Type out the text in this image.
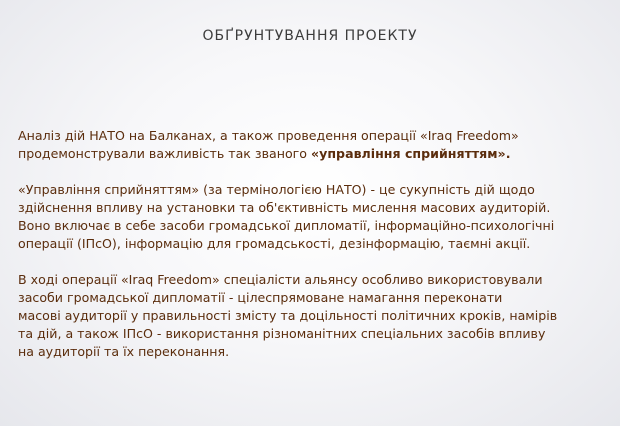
ОБҐРУНТУВАННЯ ПРОЕКТУ

Аналіз дій НАТО на Балканах, а також проведення операції «Iraq Freedom»
продемонстрували важливість так званого «управління сприйняттям».

«Управління сприйняттям» (за термінологією НАТО) - це сукупність дій щодо
здійснення впливу на установки та об'єктивність мислення масових аудиторій.
Воно включає в себе засоби громадської дипломатії, інформаційно-психологічні
операції (ІПсО), інформацію для громадськості, дезінформацію, таємні акції.

В ході операції «Iraq Freedom» спеціалісти альянсу особливо використовували
засоби громадської дипломатії - цілеспрямоване намагання переконати
масові аудиторії у правильності змісту та доцільності політичних кроків, намірів
та дій, а також ІПсО - використання різноманітних спеціальних засобів впливу
на аудиторії та їх переконання.
